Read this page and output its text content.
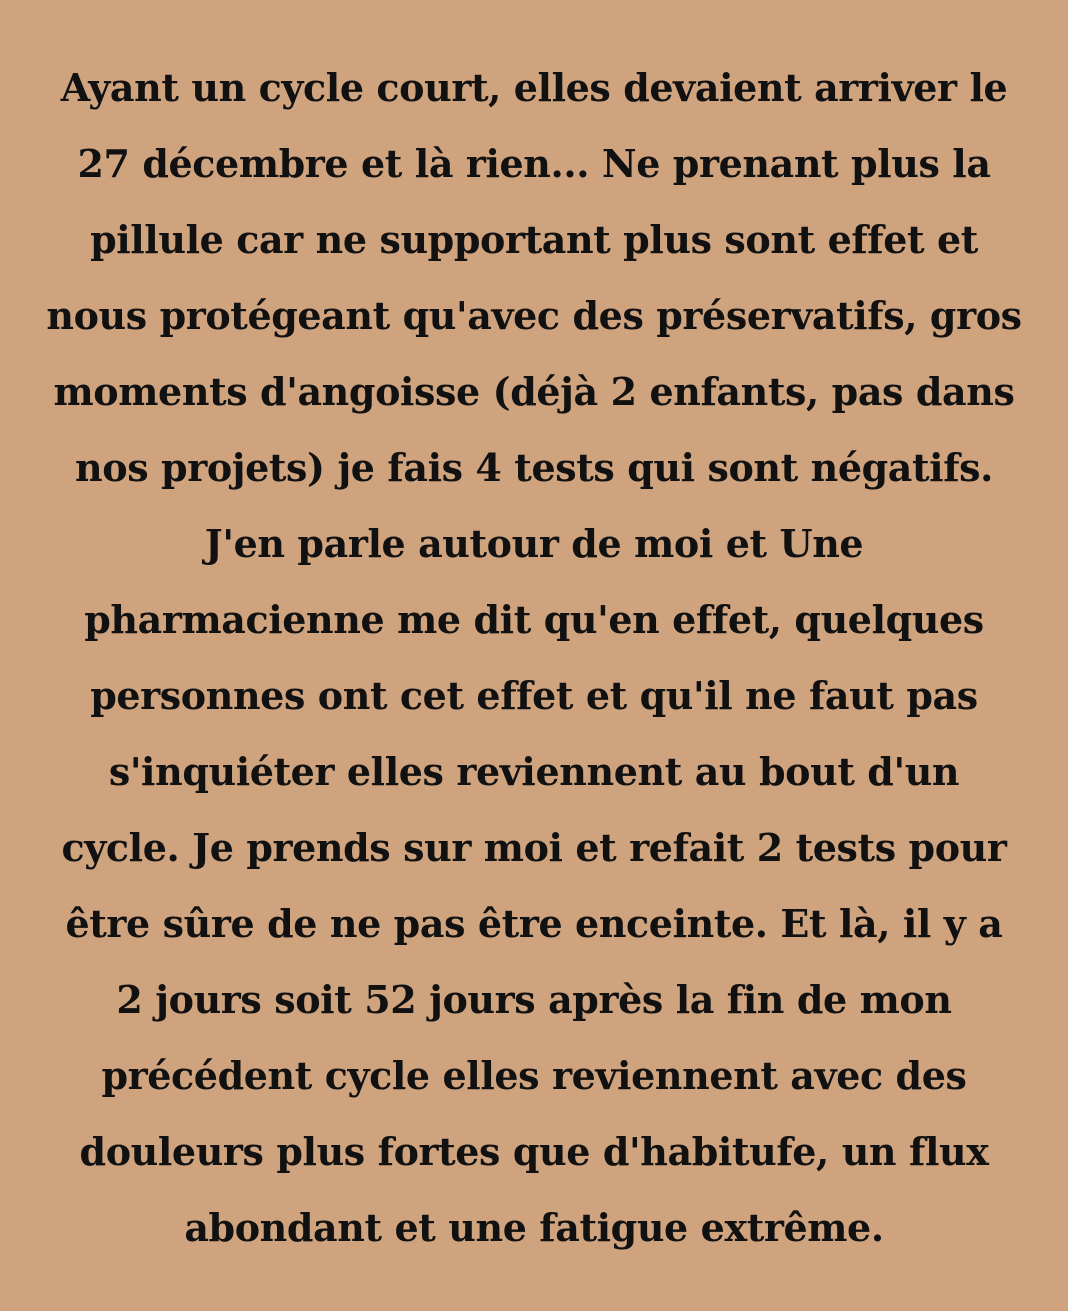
Ayant un cycle court, elles devaient arriver le
27 décembre et là rien... Ne prenant plus la
pillule car ne supportant plus sont effet et
nous protégeant qu'avec des préservatifs, gros
moments d'angoisse (déjà 2 enfants, pas dans
nos projets) je fais 4 tests qui sont négatifs.
J'en parle autour de moi et Une
pharmacienne me dit qu'en effet, quelques
personnes ont cet effet et qu'il ne faut pas
s'inquiéter elles reviennent au bout d'un
cycle. Je prends sur moi et refait 2 tests pour
être sûre de ne pas être enceinte. Et là, il y a
2 jours soit 52 jours après la fin de mon
précédent cycle elles reviennent avec des
douleurs plus fortes que d'habitufe, un flux
abondant et une fatigue extrême.
